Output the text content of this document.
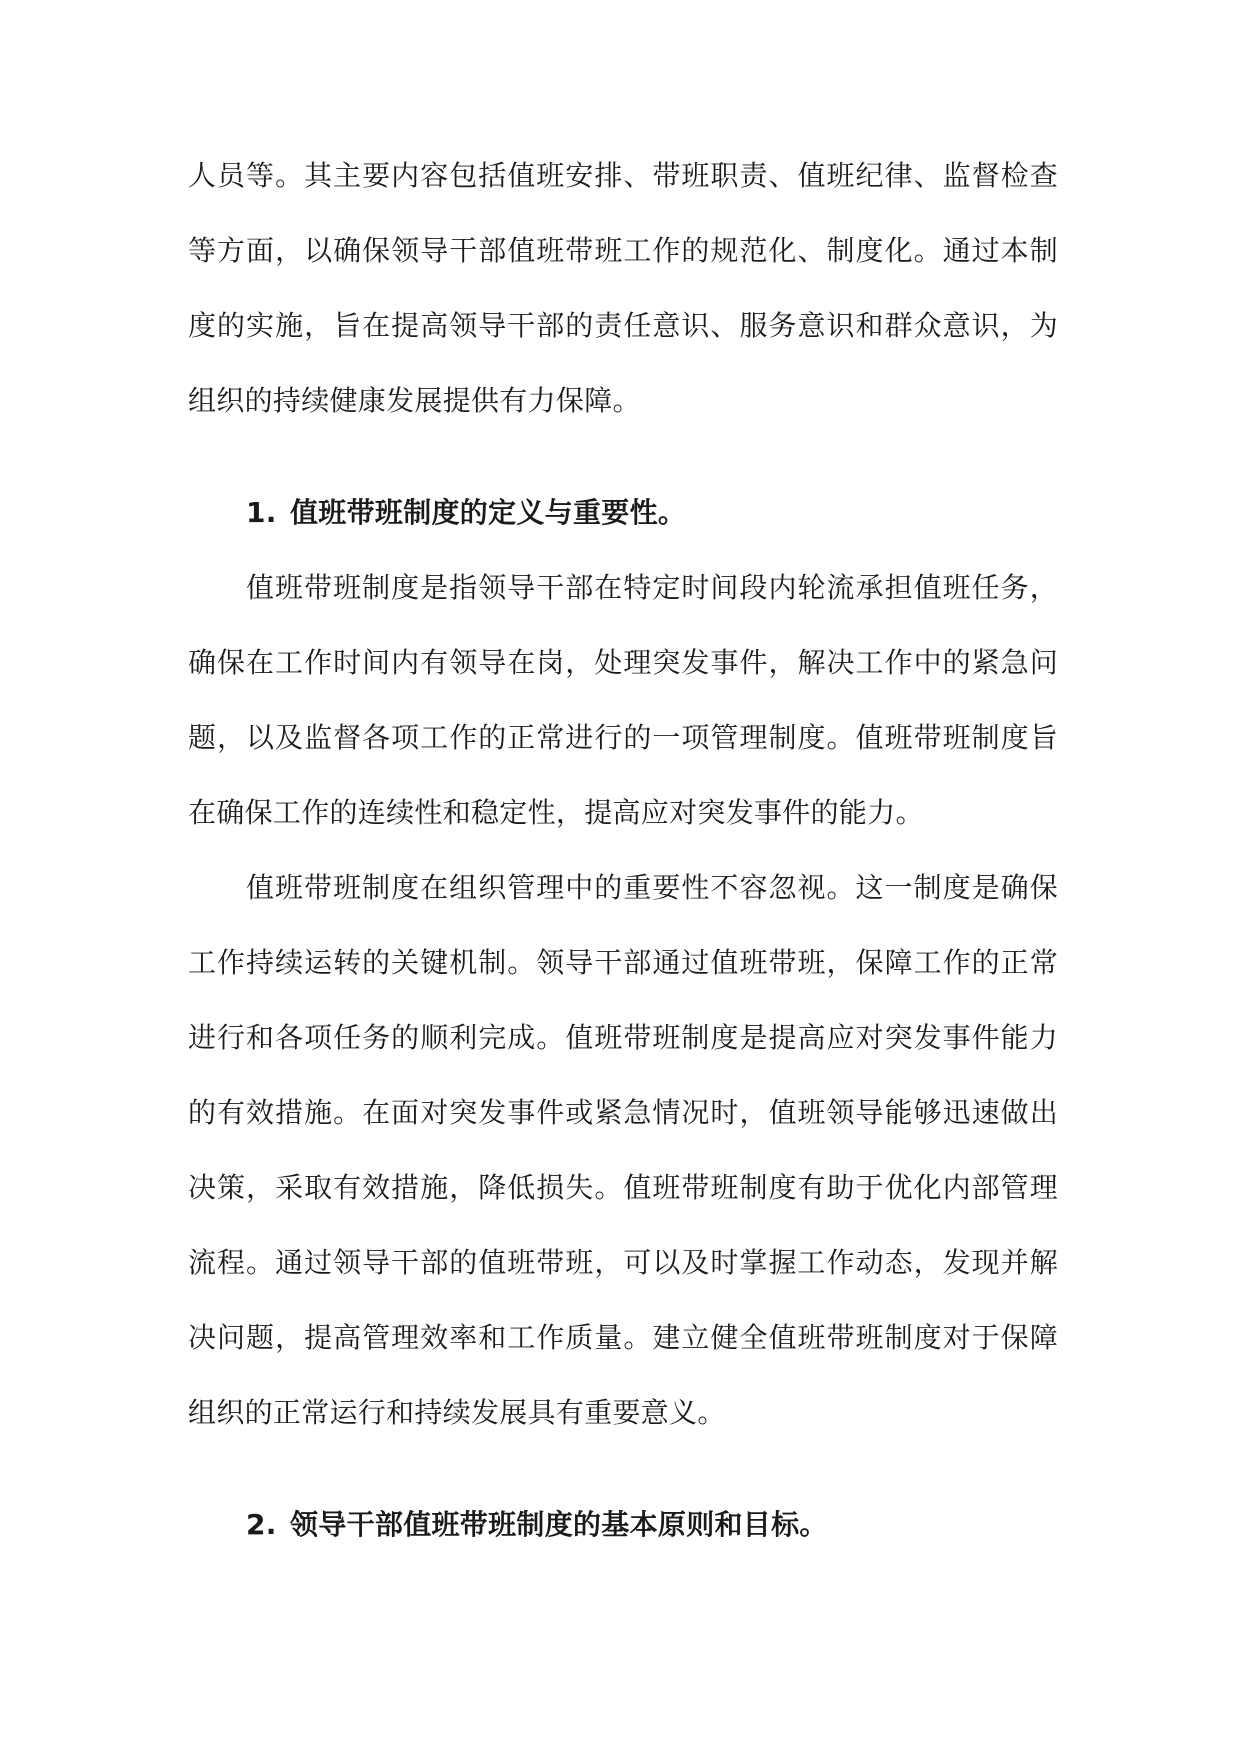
人员等。其主要内容包括值班安排、带班职责、值班纪律、监督检查等方面，以确保领导干部值班带班工作的规范化、制度化。通过本制度的实施，旨在提高领导干部的责任意识、服务意识和群众意识，为组织的持续健康发展提供有力保障。

1. 值班带班制度的定义与重要性。

值班带班制度是指领导干部在特定时间段内轮流承担值班任务，确保在工作时间内有领导在岗，处理突发事件，解决工作中的紧急问题，以及监督各项工作的正常进行的一项管理制度。值班带班制度旨在确保工作的连续性和稳定性，提高应对突发事件的能力。

值班带班制度在组织管理中的重要性不容忽视。这一制度是确保工作持续运转的关键机制。领导干部通过值班带班，保障工作的正常进行和各项任务的顺利完成。值班带班制度是提高应对突发事件能力的有效措施。在面对突发事件或紧急情况时，值班领导能够迅速做出决策，采取有效措施，降低损失。值班带班制度有助于优化内部管理流程。通过领导干部的值班带班，可以及时掌握工作动态，发现并解决问题，提高管理效率和工作质量。建立健全值班带班制度对于保障组织的正常运行和持续发展具有重要意义。

2. 领导干部值班带班制度的基本原则和目标。
